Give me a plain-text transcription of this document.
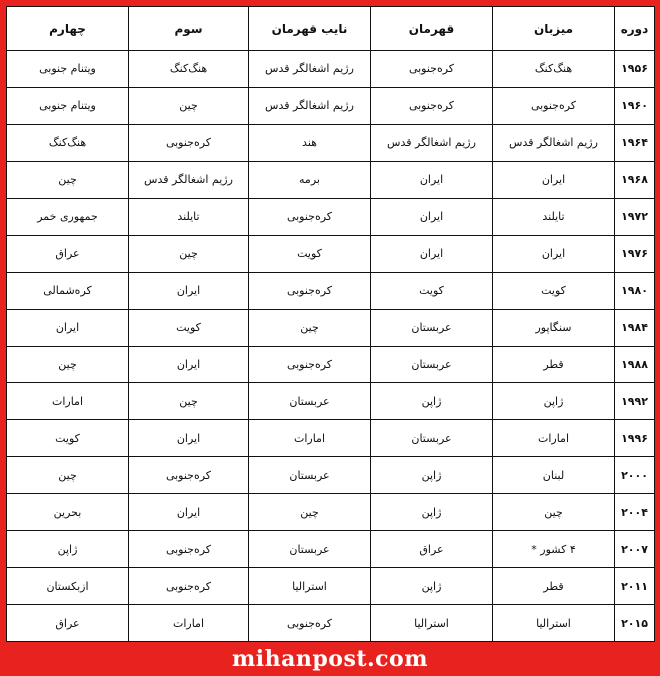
دوره	میزبان	قهرمان	نایب قهرمان	سوم	چهارم
۱۹۵۶	هنگ‌کنگ	کره‌جنوبی	رژیم اشغالگر قدس	هنگ‌کنگ	ویتنام جنوبی
۱۹۶۰	کره‌جنوبی	کره‌جنوبی	رژیم اشغالگر قدس	چین	ویتنام جنوبی
۱۹۶۴	رژیم اشغالگر قدس	رژیم اشغالگر قدس	هند	کره‌جنوبی	هنگ‌کنگ
۱۹۶۸	ایران	ایران	برمه	رژیم اشغالگر قدس	چین
۱۹۷۲	تایلند	ایران	کره‌جنوبی	تایلند	جمهوری خمر
۱۹۷۶	ایران	ایران	کویت	چین	عراق
۱۹۸۰	کویت	کویت	کره‌جنوبی	ایران	کره‌شمالی
۱۹۸۴	سنگاپور	عربستان	چین	کویت	ایران
۱۹۸۸	قطر	عربستان	کره‌جنوبی	ایران	چین
۱۹۹۲	ژاپن	ژاپن	عربستان	چین	امارات
۱۹۹۶	امارات	عربستان	امارات	ایران	کویت
۲۰۰۰	لبنان	ژاپن	عربستان	کره‌جنوبی	چین
۲۰۰۴	چین	ژاپن	چین	ایران	بحرین
۲۰۰۷	۴ کشور *	عراق	عربستان	کره‌جنوبی	ژاپن
۲۰۱۱	قطر	ژاپن	استرالیا	کره‌جنوبی	ازبکستان
۲۰۱۵	استرالیا	استرالیا	کره‌جنوبی	امارات	عراق
mihanpost.com
